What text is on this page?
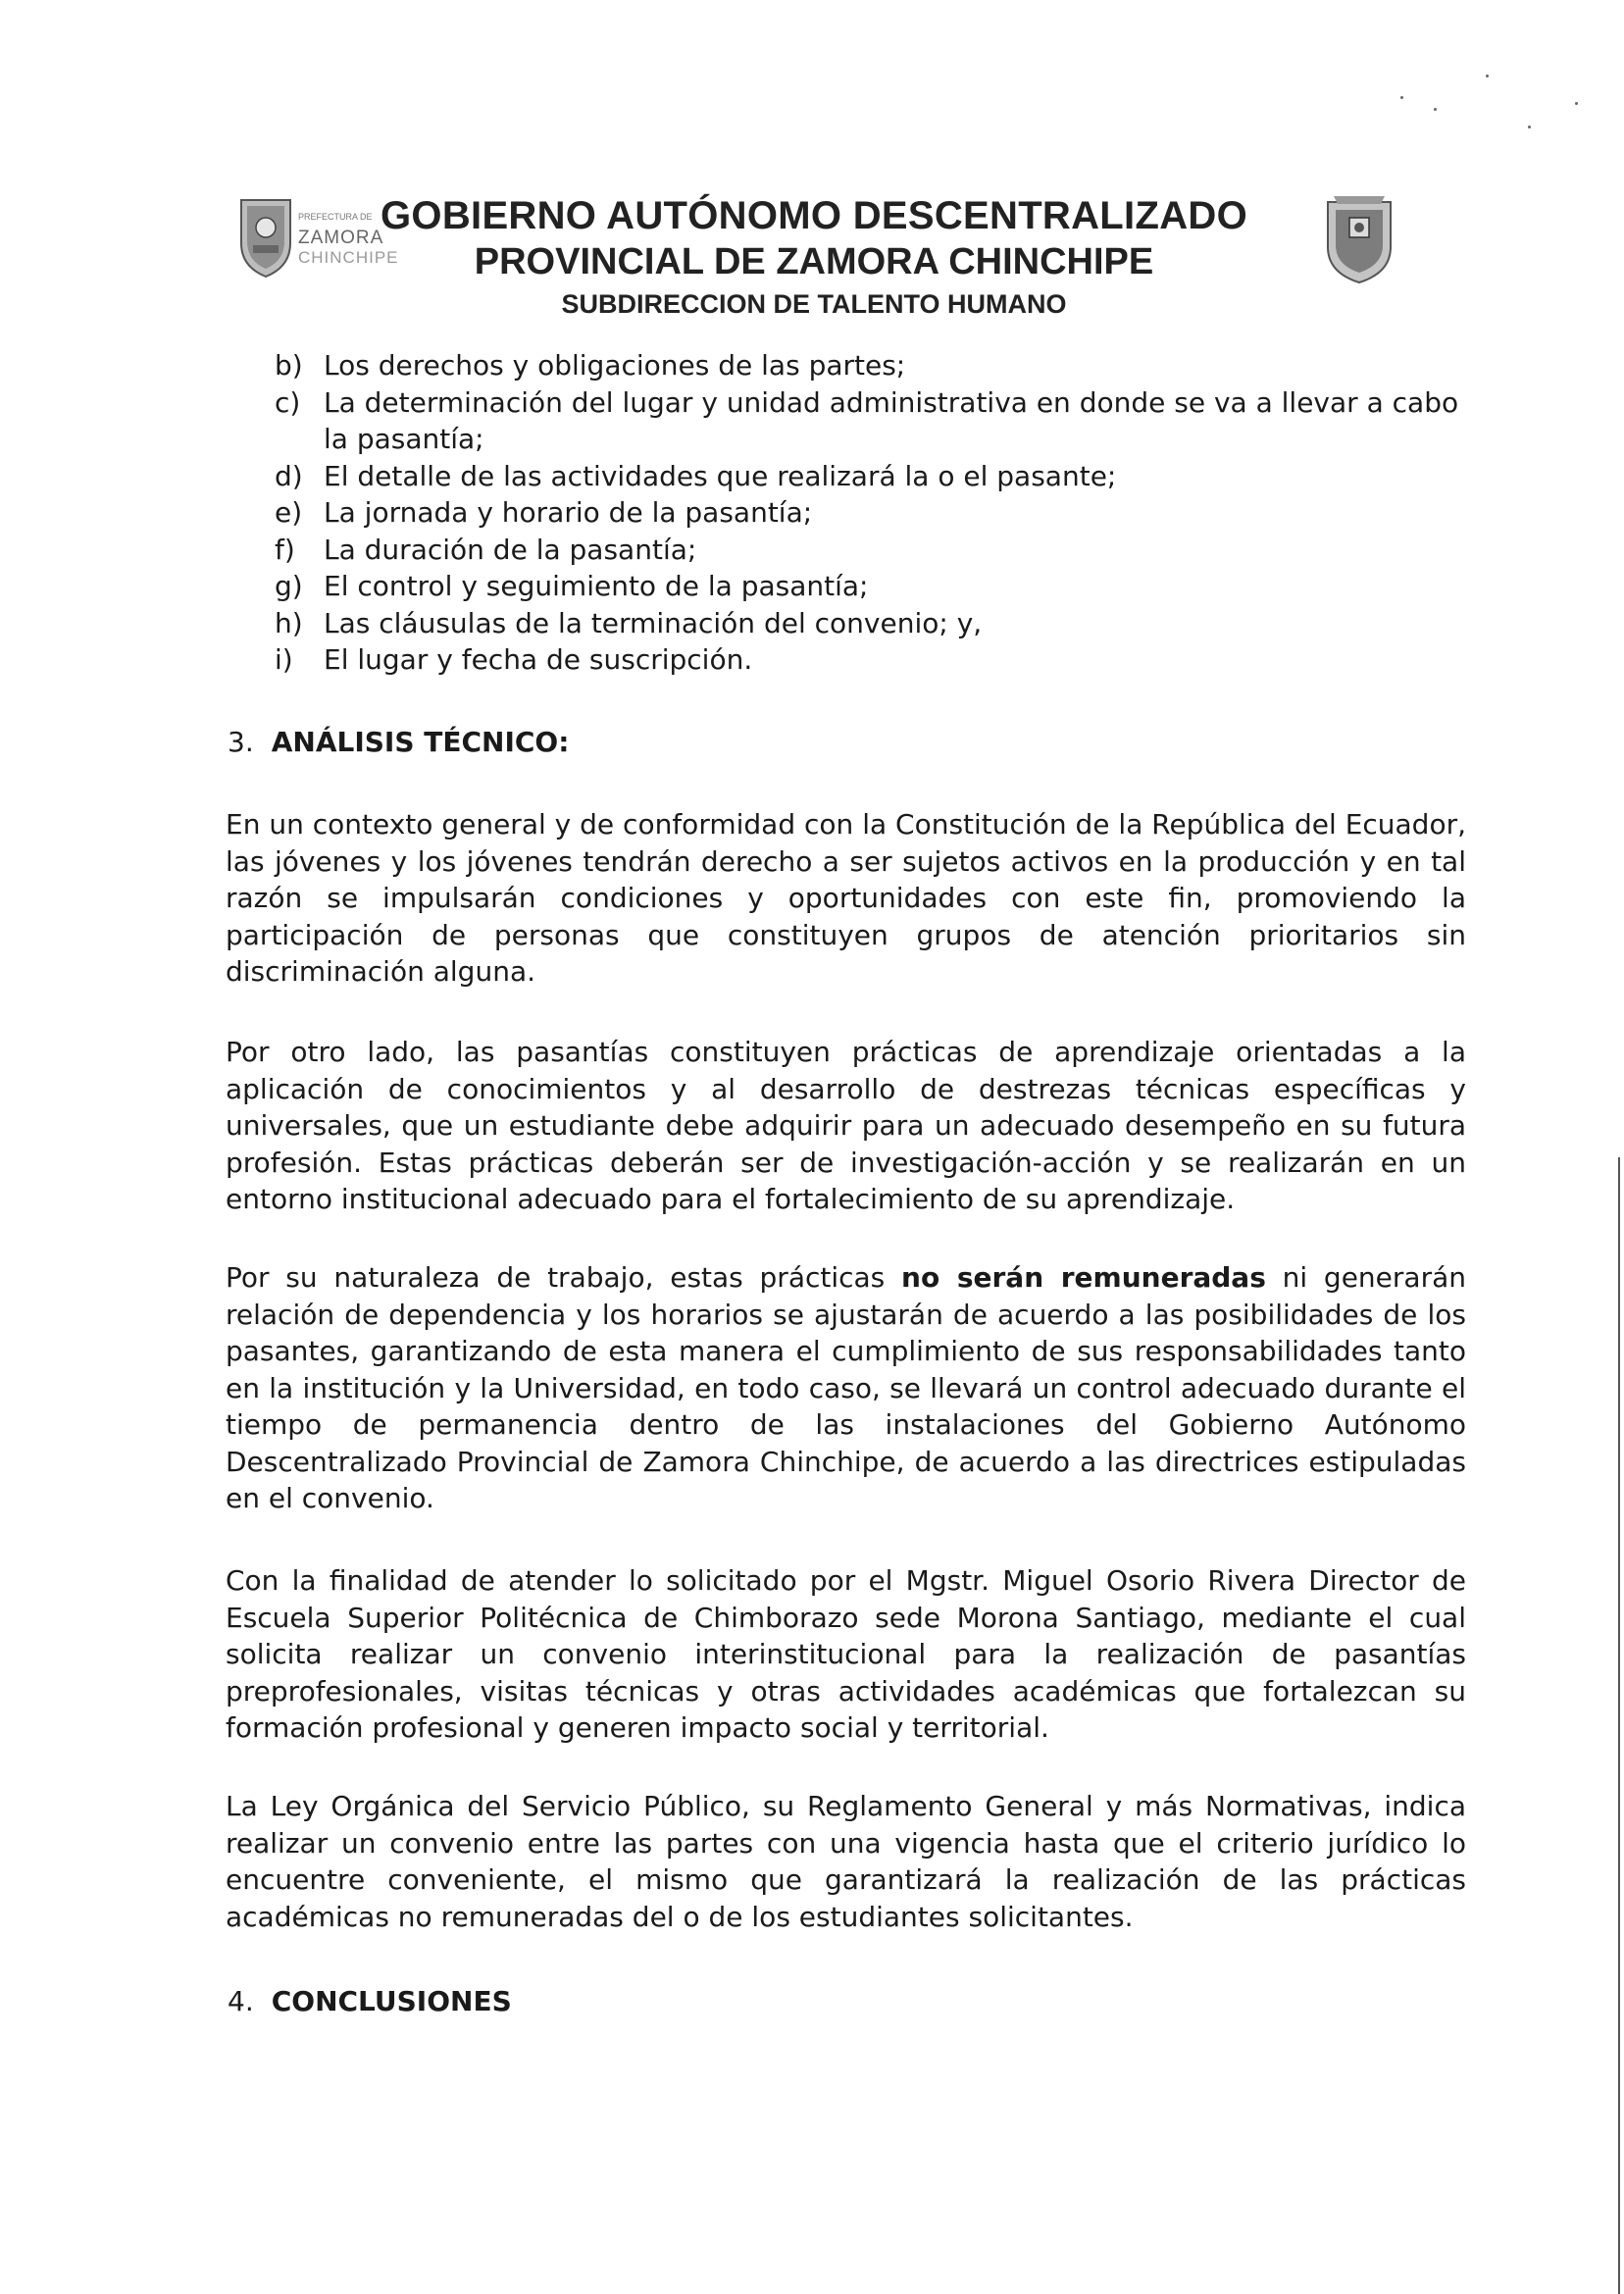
PREFECTURA DE
ZAMORA
CHINCHIPE
GOBIERNO AUTÓNOMO DESCENTRALIZADO
PROVINCIAL DE ZAMORA CHINCHIPE
SUBDIRECCION DE TALENTO HUMANO
b) Los derechos y obligaciones de las partes;
c) La determinación del lugar y unidad administrativa en donde se va a llevar a cabo la pasantía;
d) El detalle de las actividades que realizará la o el pasante;
e) La jornada y horario de la pasantía;
f)	La duración de la pasantía;
g) El control y seguimiento de la pasantía;
h) Las cláusulas de la terminación del convenio; y,
i)	El lugar y fecha de suscripción.
3. ANÁLISIS TÉCNICO:
En un contexto general y de conformidad con la Constitución de la República del Ecuador, las jóvenes y los jóvenes tendrán derecho a ser sujetos activos en la producción y en tal razón se impulsarán condiciones y oportunidades con este fin, promoviendo la participación de personas que constituyen grupos de atención prioritarios sin discriminación alguna.
Por otro lado, las pasantías constituyen prácticas de aprendizaje orientadas a la aplicación de conocimientos y al desarrollo de destrezas técnicas específicas y universales, que un estudiante debe adquirir para un adecuado desempeño en su futura profesión. Estas prácticas deberán ser de investigación-acción y se realizarán en un entorno institucional adecuado para el fortalecimiento de su aprendizaje.
Por su naturaleza de trabajo, estas prácticas no serán remuneradas ni generarán relación de dependencia y los horarios se ajustarán de acuerdo a las posibilidades de los pasantes, garantizando de esta manera el cumplimiento de sus responsabilidades tanto en la institución y la Universidad, en todo caso, se llevará un control adecuado durante el tiempo de permanencia dentro de las instalaciones del Gobierno Autónomo Descentralizado Provincial de Zamora Chinchipe, de acuerdo a las directrices estipuladas en el convenio.
Con la finalidad de atender lo solicitado por el Mgstr. Miguel Osorio Rivera Director de Escuela Superior Politécnica de Chimborazo sede Morona Santiago, mediante el cual solicita realizar un convenio interinstitucional para la realización de pasantías preprofesionales, visitas técnicas y otras actividades académicas que fortalezcan su formación profesional y generen impacto social y territorial.
La Ley Orgánica del Servicio Público, su Reglamento General y más Normativas, indica realizar un convenio entre las partes con una vigencia hasta que el criterio jurídico lo encuentre conveniente, el mismo que garantizará la realización de las prácticas académicas no remuneradas del o de los estudiantes solicitantes.
4. CONCLUSIONES
